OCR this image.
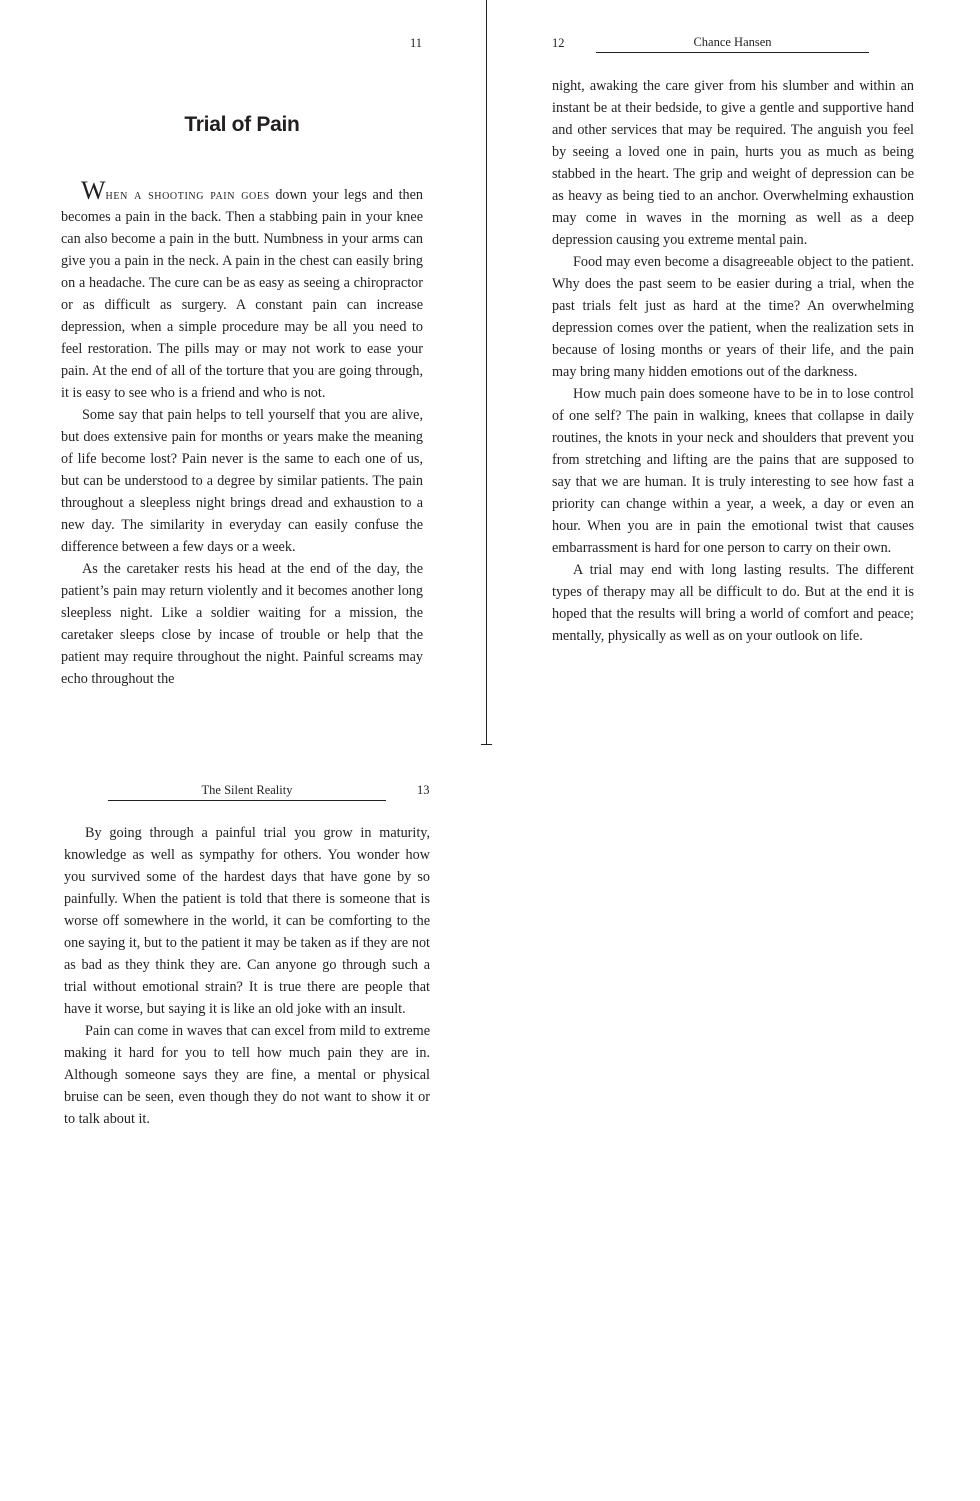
11
Trial of Pain

When a shooting pain goes down your legs and then becomes a pain in the back. Then a stabbing pain in your knee can also become a pain in the butt. Numbness in your arms can give you a pain in the neck. A pain in the chest can easily bring on a headache. The cure can be as easy as seeing a chiropractor or as difficult as surgery. A constant pain can increase depression, when a simple procedure may be all you need to feel restoration. The pills may or may not work to ease your pain. At the end of all of the torture that you are going through, it is easy to see who is a friend and who is not.

Some say that pain helps to tell yourself that you are alive, but does extensive pain for months or years make the meaning of life become lost? Pain never is the same to each one of us, but can be understood to a degree by similar patients. The pain throughout a sleepless night brings dread and exhaustion to a new day. The similarity in everyday can easily confuse the difference between a few days or a week.

As the caretaker rests his head at the end of the day, the patient’s pain may return violently and it becomes another long sleepless night. Like a soldier waiting for a mission, the caretaker sleeps close by incase of trouble or help that the patient may require throughout the night. Painful screams may echo throughout the

12	Chance Hansen

night, awaking the care giver from his slumber and within an instant be at their bedside, to give a gentle and supportive hand and other services that may be required. The anguish you feel by seeing a loved one in pain, hurts you as much as being stabbed in the heart. The grip and weight of depression can be as heavy as being tied to an anchor. Overwhelming exhaustion may come in waves in the morning as well as a deep depression causing you extreme mental pain.

Food may even become a disagreeable object to the patient. Why does the past seem to be easier during a trial, when the past trials felt just as hard at the time? An overwhelming depression comes over the patient, when the realization sets in because of losing months or years of their life, and the pain may bring many hidden emotions out of the darkness.

How much pain does someone have to be in to lose control of one self? The pain in walking, knees that collapse in daily routines, the knots in your neck and shoulders that prevent you from stretching and lifting are the pains that are supposed to say that we are human. It is truly interesting to see how fast a priority can change within a year, a week, a day or even an hour. When you are in pain the emotional twist that causes embarrassment is hard for one person to carry on their own.

A trial may end with long lasting results. The different types of therapy may all be difficult to do. But at the end it is hoped that the results will bring a world of comfort and peace; mentally, physically as well as on your outlook on life.

The Silent Reality	13

By going through a painful trial you grow in maturity, knowledge as well as sympathy for others. You wonder how you survived some of the hardest days that have gone by so painfully. When the patient is told that there is someone that is worse off somewhere in the world, it can be comforting to the one saying it, but to the patient it may be taken as if they are not as bad as they think they are. Can anyone go through such a trial without emotional strain? It is true there are people that have it worse, but saying it is like an old joke with an insult.

Pain can come in waves that can excel from mild to extreme making it hard for you to tell how much pain they are in. Although someone says they are fine, a mental or physical bruise can be seen, even though they do not want to show it or to talk about it.
